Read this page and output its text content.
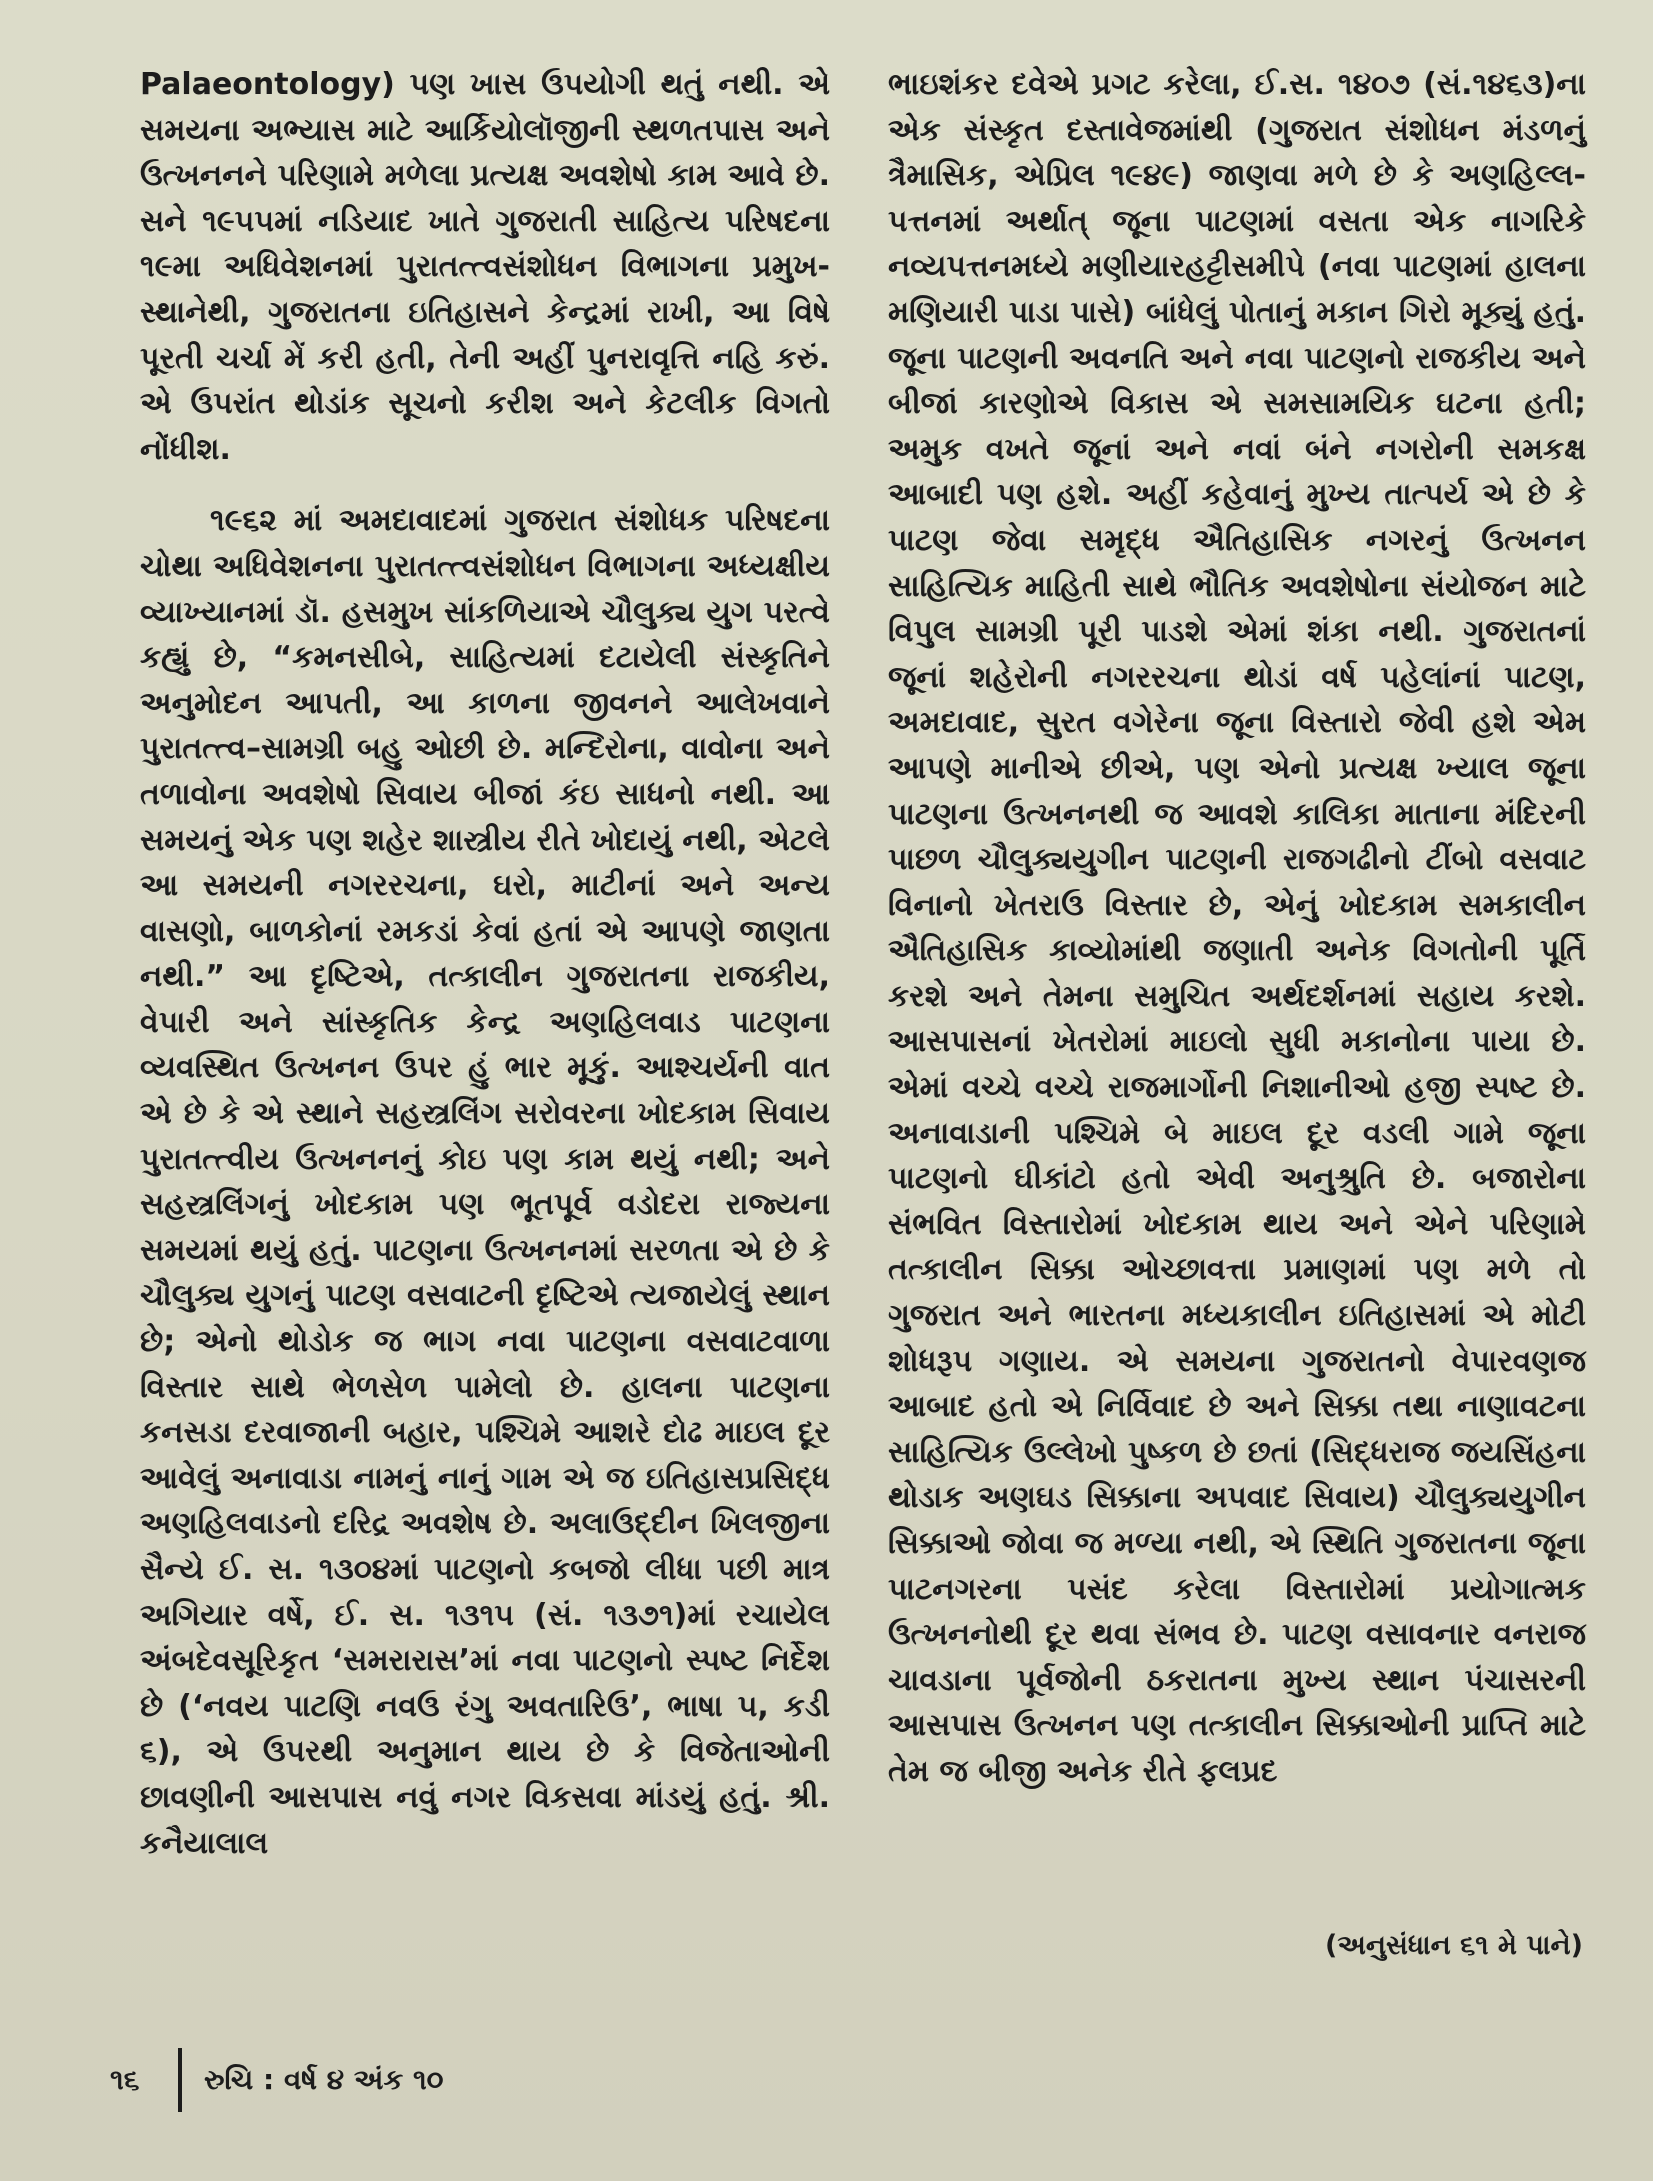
Palaeontology) પણ ખાસ ઉપયોગી થતું નથી. એ સમયના અભ્યાસ માટે આર્કિયોલૉજીની સ્થળતપાસ અને ઉત્ખનનને પરિણામે મળેલા પ્રત્યક્ષ અવશેષો કામ આવે છે. સને ૧૯૫૫માં નડિયાદ ખાતે ગુજરાતી સાહિત્ય પરિષદના ૧૯મા અધિવેશનમાં પુરાતત્ત્વસંશોધન વિભાગના પ્રમુખ-સ્થાનેથી, ગુજરાતના ઇતિહાસને કેન્દ્રમાં રાખી, આ વિષે પૂરતી ચર્ચા મેં કરી હતી, તેની અહીં પુનરાવૃત્તિ નહિ કરું. એ ઉપરાંત થોડાંક સૂચનો કરીશ અને કેટલીક વિગતો નોંધીશ.

૧૯૬૨ માં અમદાવાદમાં ગુજરાત સંશોધક પરિષદના ચોથા અધિવેશનના પુરાતત્ત્વસંશોધન વિભાગના અધ્યક્ષીય વ્યાખ્યાનમાં ડૉ. હસમુખ સાંકળિયાએ ચૌલુક્ય યુગ પરત્વે કહ્યું છે, “કમનસીબે, સાહિત્યમાં દટાયેલી સંસ્કૃતિને અનુમોદન આપતી, આ કાળના જીવનને આલેખવાને પુરાતત્ત્વ–સામગ્રી બહુ ઓછી છે. મન્દિરોના, વાવોના અને તળાવોના અવશેષો સિવાય બીજાં કંઇ સાધનો નથી. આ સમયનું એક પણ શહેર શાસ્ત્રીય રીતે ખોદાયું નથી, એટલે આ સમયની નગરરચના, ઘરો, માટીનાં અને અન્ય વાસણો, બાળકોનાં રમકડાં કેવાં હતાં એ આપણે જાણતા નથી.” આ દૃષ્ટિએ, તત્કાલીન ગુજરાતના રાજકીય, વેપારી અને સાંસ્કૃતિક કેન્દ્ર અણહિલવાડ પાટણના વ્યવસ્થિત ઉત્ખનન ઉપર હું ભાર મૂકું. આશ્ચર્યની વાત એ છે કે એ સ્થાને સહસ્ત્રલિંગ સરોવરના ખોદકામ સિવાય પુરાતત્ત્વીય ઉત્ખનનનું કોઇ પણ કામ થયું નથી; અને સહસ્ત્રલિંગનું ખોદકામ પણ ભૂતપૂર્વ વડોદરા રાજ્યના સમયમાં થયું હતું. પાટણના ઉત્ખનનમાં સરળતા એ છે કે ચૌલુક્ય યુગનું પાટણ વસવાટની દૃષ્ટિએ ત્યજાયેલું સ્થાન છે; એનો થોડોક જ ભાગ નવા પાટણના વસવાટવાળા વિસ્તાર સાથે ભેળસેળ પામેલો છે. હાલના પાટણના કનસડા દરવાજાની બહાર, પશ્ચિમે આશરે દોઢ માઇલ દૂર આવેલું અનાવાડા નામનું નાનું ગામ એ જ ઇતિહાસપ્રસિદ્ધ અણહિલવાડનો દરિદ્ર અવશેષ છે. અલાઉદ્દીન ખિલજીના સૈન્યે ઈ. સ. ૧૩૦૪માં પાટણનો કબજો લીધા પછી માત્ર અગિયાર વર્ષે, ઈ. સ. ૧૩૧૫ (સં. ૧૩૭૧)માં રચાયેલ અંબદેવસૂરિકૃત ‘સમરારાસ’માં નવા પાટણનો સ્પષ્ટ નિર્દેશ છે (‘નવય પાટણિ નવઉ રંગુ અવતારિઉ’, ભાષા ૫, કડી ૬), એ ઉપરથી અનુમાન થાય છે કે વિજેતાઓની છાવણીની આસપાસ નવું નગર વિકસવા માંડયું હતું. શ્રી. કનૈયાલાલ

ભાઇશંકર દવેએ પ્રગટ કરેલા, ઈ.સ. ૧૪૦૭ (સં.૧૪૬૩)ના એક સંસ્કૃત દસ્તાવેજમાંથી (ગુજરાત સંશોધન મંડળનું ત્રૈમાસિક, એપ્રિલ ૧૯૪૯) જાણવા મળે છે કે અણહિલ્લ-પત્તનમાં અર્થાત્ જૂના પાટણમાં વસતા એક નાગરિકે નવ્યપત્તનમધ્યે મણીયારહટ્ટીસમીપે (નવા પાટણમાં હાલના મણિયારી પાડા પાસે) બાંધેલું પોતાનું મકાન ગિરો મૂક્યું હતું. જૂના પાટણની અવનતિ અને નવા પાટણનો રાજકીય અને બીજાં કારણોએ વિકાસ એ સમસામયિક ઘટના હતી; અમુક વખતે જૂનાં અને નવાં બંને નગરોની સમકક્ષ આબાદી પણ હશે. અહીં કહેવાનું મુખ્ય તાત્પર્ય એ છે કે પાટણ જેવા સમૃદ્ધ ઐતિહાસિક નગરનું ઉત્ખનન સાહિત્યિક માહિતી સાથે ભૌતિક અવશેષોના સંયોજન માટે વિપુલ સામગ્રી પૂરી પાડશે એમાં શંકા નથી. ગુજરાતનાં જૂનાં શહેરોની નગરરચના થોડાં વર્ષ પહેલાંનાં પાટણ, અમદાવાદ, સુરત વગેરેના જૂના વિસ્તારો જેવી હશે એમ આપણે માનીએ છીએ, પણ એનો પ્રત્યક્ષ ખ્યાલ જૂના પાટણના ઉત્ખનનથી જ આવશે કાલિકા માતાના મંદિરની પાછળ ચૌલુક્યયુગીન પાટણની રાજગઢીનો ટીંબો વસવાટ વિનાનો ખેતરાઉ વિસ્તાર છે, એનું ખોદકામ સમકાલીન ઐતિહાસિક કાવ્યોમાંથી જણાતી અનેક વિગતોની પૂર્તિ કરશે અને તેમના સમુચિત અર્થદર્શનમાં સહાય કરશે. આસપાસનાં ખેતરોમાં માઇલો સુધી મકાનોના પાયા છે. એમાં વચ્ચે વચ્ચે રાજમાર્ગોની નિશાનીઓ હજી સ્પષ્ટ છે. અનાવાડાની પશ્ચિમે બે માઇલ દૂર વડલી ગામે જૂના પાટણનો ઘીકાંટો હતો એવી અનુશ્રુતિ છે. બજારોના સંભવિત વિસ્તારોમાં ખોદકામ થાય અને એને પરિણામે તત્કાલીન સિક્કા ઓચ્છાવત્તા પ્રમાણમાં પણ મળે તો ગુજરાત અને ભારતના મધ્યકાલીન ઇતિહાસમાં એ મોટી શોધરૂપ ગણાય. એ સમયના ગુજરાતનો વેપારવણજ આબાદ હતો એ નિર્વિવાદ છે અને સિક્કા તથા નાણાવટના સાહિત્યિક ઉલ્લેખો પુષ્કળ છે છતાં (સિદ્ધરાજ જયસિંહના થોડાક અણઘડ સિક્કાના અપવાદ સિવાય) ચૌલુક્યયુગીન સિક્કાઓ જોવા જ મળ્યા નથી, એ સ્થિતિ ગુજરાતના જૂના પાટનગરના પસંદ કરેલા વિસ્તારોમાં પ્રયોગાત્મક ઉત્ખનનોથી દૂર થવા સંભવ છે. પાટણ વસાવનાર વનરાજ ચાવડાના પૂર્વજોની ઠકરાતના મુખ્ય સ્થાન પંચાસરની આસપાસ ઉત્ખનન પણ તત્કાલીન સિક્કાઓની પ્રાપ્તિ માટે તેમ જ બીજી અનેક રીતે ફલપ્રદ

(અનુસંધાન ૬૧ મે પાને)
૧૬	રુચિ : વર્ષ ૪ અંક ૧૦
